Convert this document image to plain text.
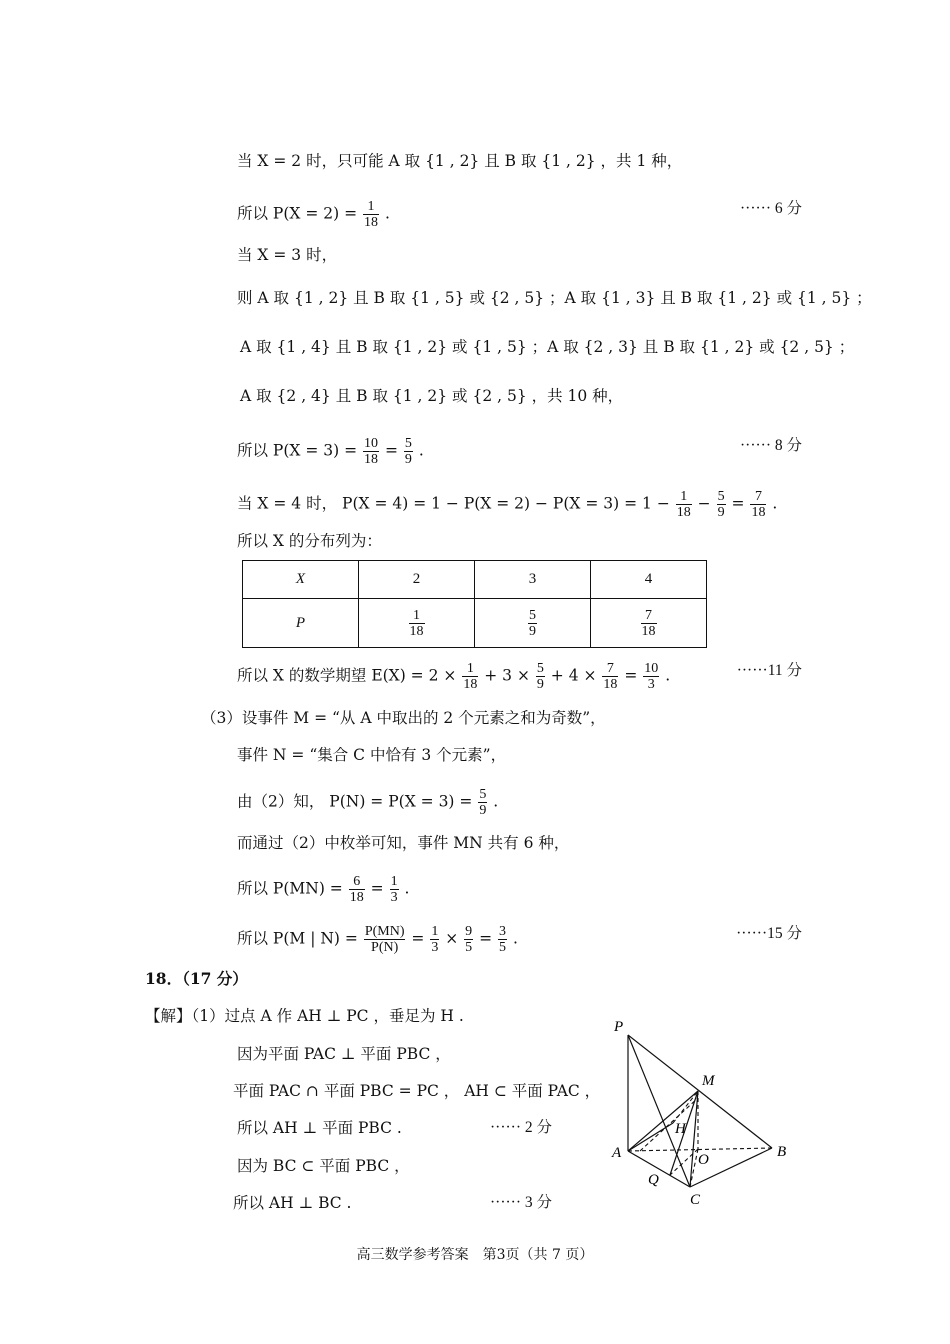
当 X = 2 时，只可能 A 取 {1 , 2} 且 B 取 {1 , 2} ，共 1 种，
所以 $P(X = 2) = \frac{1}{18}$ .	······ 6 分
当 X = 3 时，
则 A 取 {1 , 2} 且 B 取 {1 , 5} 或 {2 , 5} ；A 取 {1 , 3} 且 B 取 {1 , 2} 或 {1 , 5} ；
A 取 {1 , 4} 且 B 取 {1 , 2} 或 {1 , 5} ；A 取 {2 , 3} 且 B 取 {1 , 2} 或 {2 , 5} ；
A 取 {2 , 4} 且 B 取 {1 , 2} 或 {2 , 5} ，共 10 种，
所以 $P(X = 3) = \frac{10}{18} = \frac{5}{9}$ .	······ 8 分
当 X = 4 时， $P(X = 4) = 1 - P(X = 2) - P(X = 3) = 1 - \frac{1}{18} - \frac{5}{9} = \frac{7}{18}$ .
所以 X 的分布列为：
X	2	3	4
P	$\frac{1}{18}$	$\frac{5}{9}$	$\frac{7}{18}$
所以 X 的数学期望 $E(X) = 2 \times \frac{1}{18} + 3 \times \frac{5}{9} + 4 \times \frac{7}{18} = \frac{10}{3}$ .	······11 分
（3）设事件 M = “从 A 中取出的 2 个元素之和为奇数”，
事件 N = “集合 C 中恰有 3 个元素”，
由（2）知， $P(N) = P(X = 3) = \frac{5}{9}$ .
而通过（2）中枚举可知，事件 MN 共有 6 种，
所以 $P(MN) = \frac{6}{18} = \frac{1}{3}$ .
所以 P(M | $N) = \frac{P(MN)}{P(N)} = \frac{1}{3} \times \frac{9}{5} = \frac{3}{5}$ .	······15 分
18．（17 分）
【解】（1）过点 A 作 AH ⊥ PC ，垂足为 H .
因为平面 PAC ⊥ 平面 PBC ，
平面 PAC ∩ 平面 PBC = PC ， AH ⊂ 平面 PAC ，
所以 AH ⊥ 平面 PBC .	······ 2 分
因为 BC ⊂ 平面 PBC ，
所以 AH ⊥ BC .	······ 3 分
P
M
H
A	O	B
Q
C
高三数学参考答案　第3页（共 7 页）
